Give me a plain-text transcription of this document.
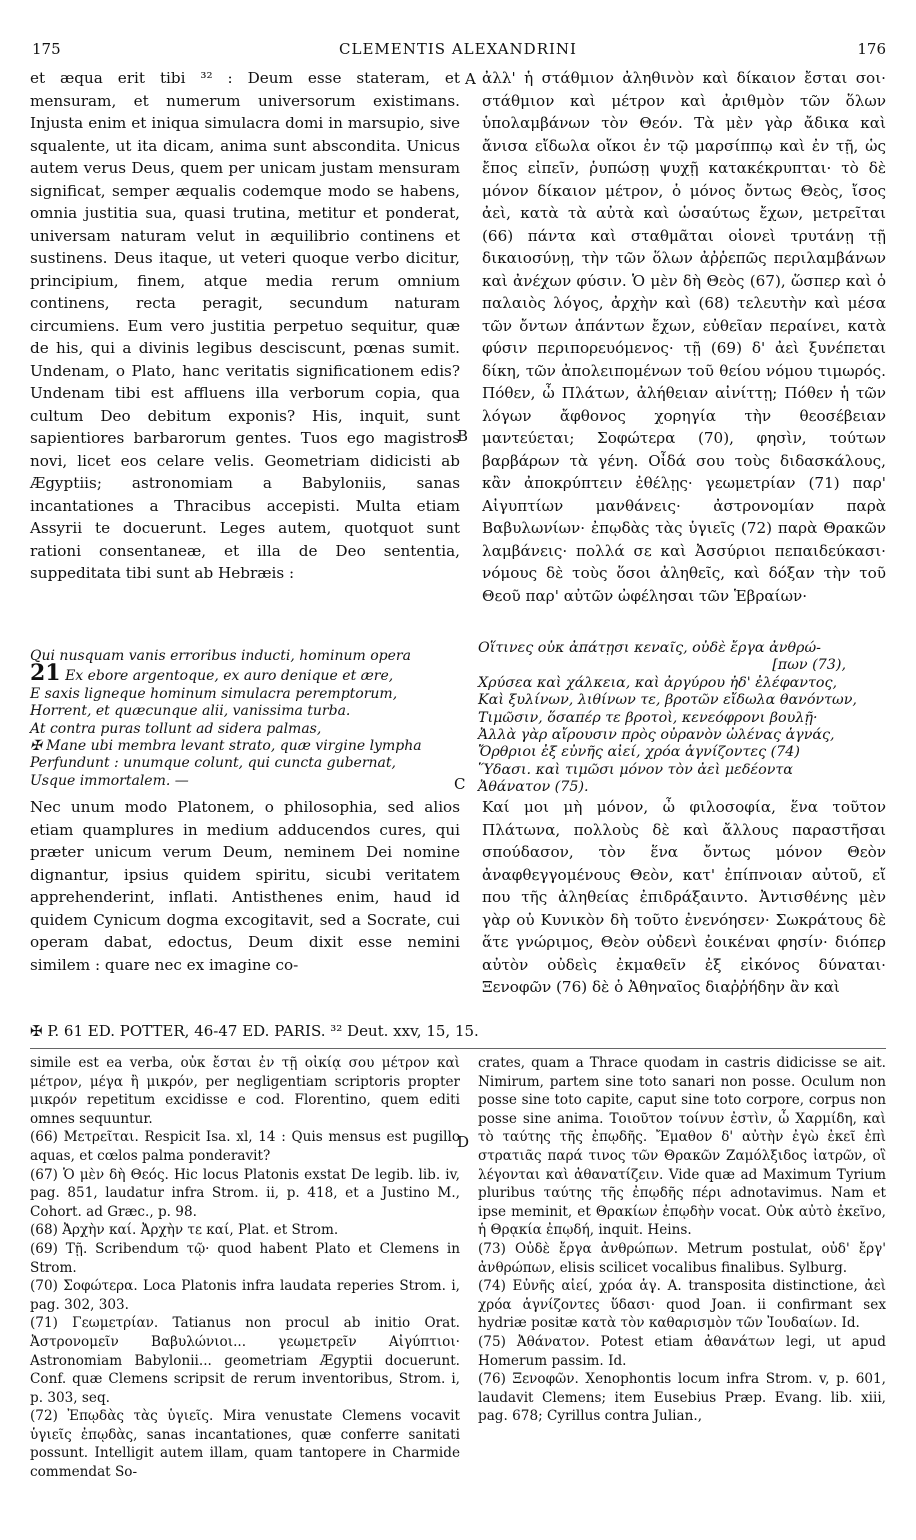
175	CLEMENTIS ALEXANDRINI	176
A
B
C
D

et æqua erit tibi ³² : Deum esse stateram, et mensuram, et numerum universorum existimans. Injusta enim et iniqua simulacra domi in marsupio, sive squalente, ut ita dicam, anima sunt abscondita. Unicus autem verus Deus, quem per unicam justam mensuram significat, semper æqualis codemque modo se habens, omnia justitia sua, quasi trutina, metitur et ponderat, universam naturam velut in æquilibrio continens et sustinens. Deus itaque, ut veteri quoque verbo dicitur, principium, finem, atque media rerum omnium continens, recta peragit, secundum naturam circumiens. Eum vero justitia perpetuo sequitur, quæ de his, qui a divinis legibus desciscunt, pœnas sumit. Undenam, o Plato, hanc veritatis significationem edis? Undenam tibi est affluens illa verborum copia, qua cultum Deo debitum exponis? His, inquit, sunt sapientiores barbarorum gentes. Tuos ego magistros novi, licet eos celare velis. Geometriam didicisti ab Ægyptiis; astronomiam a Babyloniis, sanas incantationes a Thracibus accepisti. Multa etiam Assyrii te docuerunt. Leges autem, quotquot sunt rationi consentaneæ, et illa de Deo sententia, suppeditata tibi sunt ab Hebræis :

ἀλλ' ἡ στάθμιον ἀληθινὸν καὶ δίκαιον ἔσται σοι· στάθμιον καὶ μέτρον καὶ ἀριθμὸν τῶν ὅλων ὑπολαμβάνων τὸν Θεόν. Τὰ μὲν γὰρ ἄδικα καὶ ἄνισα εἴδωλα οἴκοι ἐν τῷ μαρσίππῳ καὶ ἐν τῇ, ὡς ἔπος εἰπεῖν, ῥυπώσῃ ψυχῇ κατακέκρυπται· τὸ δὲ μόνον δίκαιον μέτρον, ὁ μόνος ὄντως Θεὸς, ἴσος ἀεὶ, κατὰ τὰ αὐτὰ καὶ ὡσαύτως ἔχων, μετρεῖται (66) πάντα καὶ σταθμᾶται οἱονεὶ τρυτάνῃ τῇ δικαιοσύνῃ, τὴν τῶν ὅλων ἀῤῥεπῶς περιλαμβάνων καὶ ἀνέχων φύσιν. Ὁ μὲν δὴ Θεὸς (67), ὥσπερ καὶ ὁ παλαιὸς λόγος, ἀρχὴν καὶ (68) τελευτὴν καὶ μέσα τῶν ὄντων ἁπάντων ἔχων, εὐθεῖαν περαίνει, κατὰ φύσιν περιπορευόμενος· τῇ (69) δ' ἀεὶ ξυνέπεται δίκη, τῶν ἀπολειπομένων τοῦ θείου νόμου τιμωρός. Πόθεν, ὦ Πλάτων, ἀλήθειαν αἰνίττῃ; Πόθεν ἡ τῶν λόγων ἄφθονος χορηγία τὴν θεοσέβειαν μαντεύεται; Σοφώτερα (70), φησὶν, τούτων βαρβάρων τὰ γένη. Οἶδά σου τοὺς διδασκάλους, κἂν ἀποκρύπτειν ἐθέλῃς· γεωμετρίαν (71) παρ' Αἰγυπτίων μανθάνεις· ἀστρονομίαν παρὰ Βαβυλωνίων· ἐπῳδὰς τὰς ὑγιεῖς (72) παρὰ Θρακῶν λαμβάνεις· πολλά σε καὶ Ἀσσύριοι πεπαιδεύκασι· νόμους δὲ τοὺς ὅσοι ἀληθεῖς, καὶ δόξαν τὴν τοῦ Θεοῦ παρ' αὐτῶν ὠφέλησαι τῶν Ἑβραίων·

Qui nusquam vanis erroribus inducti, hominum opera
21 Ex ebore argentoque, ex auro denique et ære,
E saxis ligneque hominum simulacra peremptorum,
Horrent, et quæcunque alii, vanissima turba.
At contra puras tollunt ad sidera palmas,
✠ Mane ubi membra levant strato, quæ virgine lympha
Perfundunt : unumque colunt, qui cuncta gubernat,
Usque immortalem. —
Οἵτινες οὐκ ἀπάτῃσι κεναῖς, οὐδὲ ἔργα ἀνθρώ-
[πων (73),
Χρύσεα καὶ χάλκεια, καὶ ἀργύρου ἠδ' ἐλέφαντος,
Καὶ ξυλίνων, λιθίνων τε, βροτῶν εἴδωλα θανόντων,
Τιμῶσιν, ὅσαπέρ τε βροτοὶ, κενεόφρονι βουλῇ·
Ἀλλὰ γὰρ αἴρουσιν πρὸς οὐρανὸν ὠλένας ἁγνάς,
Ὄρθριοι ἐξ εὐνῆς αἰεί, χρόα ἁγνίζοντες (74)
Ὕδασι. καὶ τιμῶσι μόνον τὸν ἀεὶ μεδέοντα
Ἀθάνατον (75).

Nec unum modo Platonem, o philosophia, sed alios etiam quamplures in medium adducendos cures, qui præter unicum verum Deum, neminem Dei nomine dignantur, ipsius quidem spiritu, sicubi veritatem apprehenderint, inflati. Antisthenes enim, haud id quidem Cynicum dogma excogitavit, sed a Socrate, cui operam dabat, edoctus, Deum dixit esse nemini similem : quare nec ex imagine co-

Καί μοι μὴ μόνον, ὦ φιλοσοφία, ἕνα τοῦτον Πλάτωνα, πολλοὺς δὲ καὶ ἄλλους παραστῆσαι σπούδασον, τὸν ἕνα ὄντως μόνον Θεὸν ἀναφθεγγομένους Θεὸν, κατ' ἐπίπνοιαν αὐτοῦ, εἴ που τῆς ἀληθείας ἐπιδράξαιντο. Ἀντισθένης μὲν γὰρ οὐ Κυνικὸν δὴ τοῦτο ἐνενόησεν· Σωκράτους δὲ ἅτε γνώριμος, Θεὸν οὐδενὶ ἐοικέναι φησίν· διόπερ αὐτὸν οὐδεὶς ἐκμαθεῖν ἐξ εἰκόνος δύναται· Ξενοφῶν (76) δὲ ὁ Ἀθηναῖος διαῤῥήδην ἂν καὶ

✠ P. 61 ED. POTTER, 46-47 ED. PARIS. ³² Deut. xxv, 15, 15.

simile est ea verba, οὐκ ἔσται ἐν τῇ οἰκίᾳ σου μέτρον καὶ μέτρον, μέγα ἢ μικρόν, per negligentiam scriptoris propter μικρόν repetitum excidisse e cod. Florentino, quem editi omnes sequuntur.

(66) Μετρεῖται. Respicit Isa. xl, 14 : Quis mensus est pugillo aquas, et cœlos palma ponderavit?

(67) Ὁ μὲν δὴ Θεός. Hic locus Platonis exstat De legib. lib. iv, pag. 851, laudatur infra Strom. ii, p. 418, et a Justino M., Cohort. ad Græc., p. 98.

(68) Ἀρχὴν καί. Ἀρχὴν τε καί, Plat. et Strom.

(69) Τῇ. Scribendum τῷ· quod habent Plato et Clemens in Strom.

(70) Σοφώτερα. Loca Platonis infra laudata reperies Strom. i, pag. 302, 303.

(71) Γεωμετρίαν. Tatianus non procul ab initio Orat. Ἀστρονομεῖν Βαβυλώνιοι... γεωμετρεῖν Αἰγύπτιοι· Astronomiam Babylonii... geometriam Ægyptii docuerunt. Conf. quæ Clemens scripsit de rerum inventoribus, Strom. i, p. 303, seq.

(72) Ἐπῳδὰς τὰς ὑγιεῖς. Mira venustate Clemens vocavit ὑγιεῖς ἐπῳδὰς, sanas incantationes, quæ conferre sanitati possunt. Intelligit autem illam, quam tantopere in Charmide commendat So-

crates, quam a Thrace quodam in castris didicisse se ait. Nimirum, partem sine toto sanari non posse. Oculum non posse sine toto capite, caput sine toto corpore, corpus non posse sine anima. Τοιοῦτον τοίνυν ἐστὶν, ὦ Χαρμίδη, καὶ τὸ ταύτης τῆς ἐπῳδῆς. Ἔμαθον δ' αὐτὴν ἐγὼ ἐκεῖ ἐπὶ στρατιᾶς παρά τινος τῶν Θρακῶν Ζαμόλξιδος ἰατρῶν, οἳ λέγονται καὶ ἀθανατίζειν. Vide quæ ad Maximum Tyrium pluribus ταύτης τῆς ἐπῳδῆς πέρι adnotavimus. Nam et ipse meminit, et Θρακίων ἐπῳδὴν vocat. Οὐκ αὐτὸ ἐκεῖνο, ἡ Θρᾳκία ἐπῳδή, inquit. Heins.

(73) Οὐδὲ ἔργα ἀνθρώπων. Metrum postulat, οὐδ' ἔργ' ἀνθρώπων, elisis scilicet vocalibus finalibus. Sylburg.

(74) Εὐνῆς αἰεί, χρόα ἁγ. A. transposita distinctione, ἀεὶ χρόα ἁγνίζοντες ὕδασι· quod Joan. ii confirmant sex hydriæ positæ κατὰ τὸν καθαρισμὸν τῶν Ἰουδαίων. Id.

(75) Ἀθάνατον. Potest etiam ἀθανάτων legi, ut apud Homerum passim. Id.

(76) Ξενοφῶν. Xenophontis locum infra Strom. v, p. 601, laudavit Clemens; item Eusebius Præp. Evang. lib. xiii, pag. 678; Cyrillus contra Julian.,
